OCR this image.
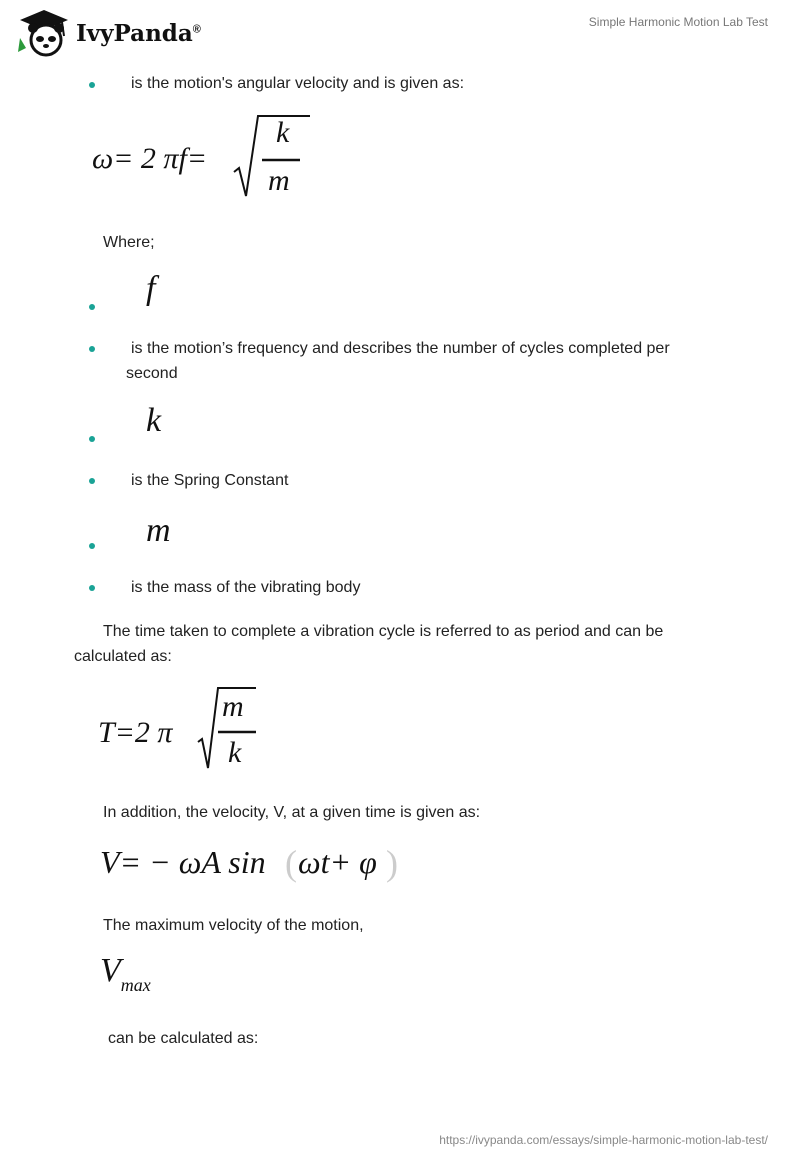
IvyPanda®
Simple Harmonic Motion Lab Test
is the motion's angular velocity and is given as:
ω= 2 πf=
k
m
Where;
f
is the motion’s frequency and describes the number of cycles completed per
second
k
is the Spring Constant
m
is the mass of the vibrating body
The time taken to complete a vibration cycle is referred to as period and can be
calculated as:
T=2 π
m
k
In addition, the velocity, V, at a given time is given as:
V= − ωA sin ( ωt+ φ )
The maximum velocity of the motion,
Vmax
can be calculated as:
https://ivypanda.com/essays/simple-harmonic-motion-lab-test/
